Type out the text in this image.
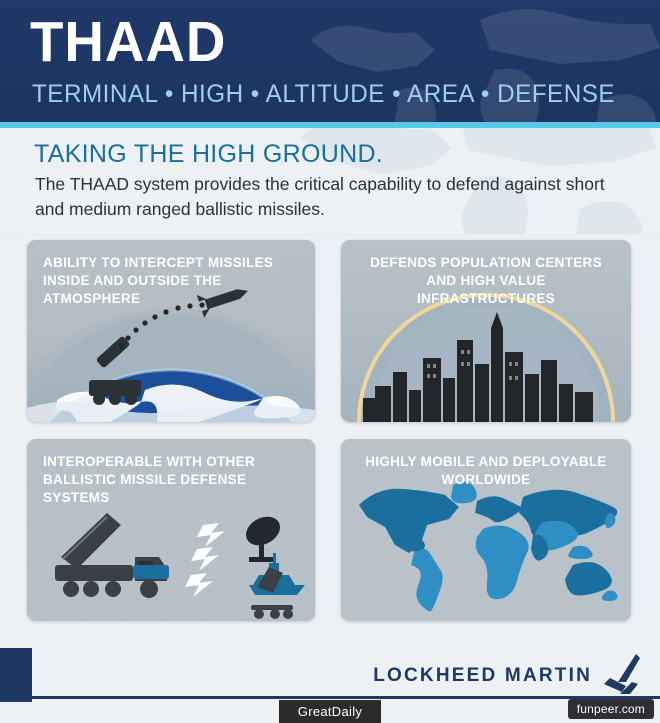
THAAD
TERMINAL • HIGH • ALTITUDE • AREA • DEFENSE
TAKING THE HIGH GROUND.
The THAAD system provides the critical capability to defend against short and medium ranged ballistic missiles.
ABILITY TO INTERCEPT MISSILES INSIDE AND OUTSIDE THE ATMOSPHERE
DEFENDS POPULATION CENTERS AND HIGH VALUE INFRASTRUCTURES
INTEROPERABLE WITH OTHER BALLISTIC MISSILE DEFENSE SYSTEMS
HIGHLY MOBILE AND DEPLOYABLE WORLDWIDE
LOCKHEED MARTIN
GreatDaily	funpeer.com
